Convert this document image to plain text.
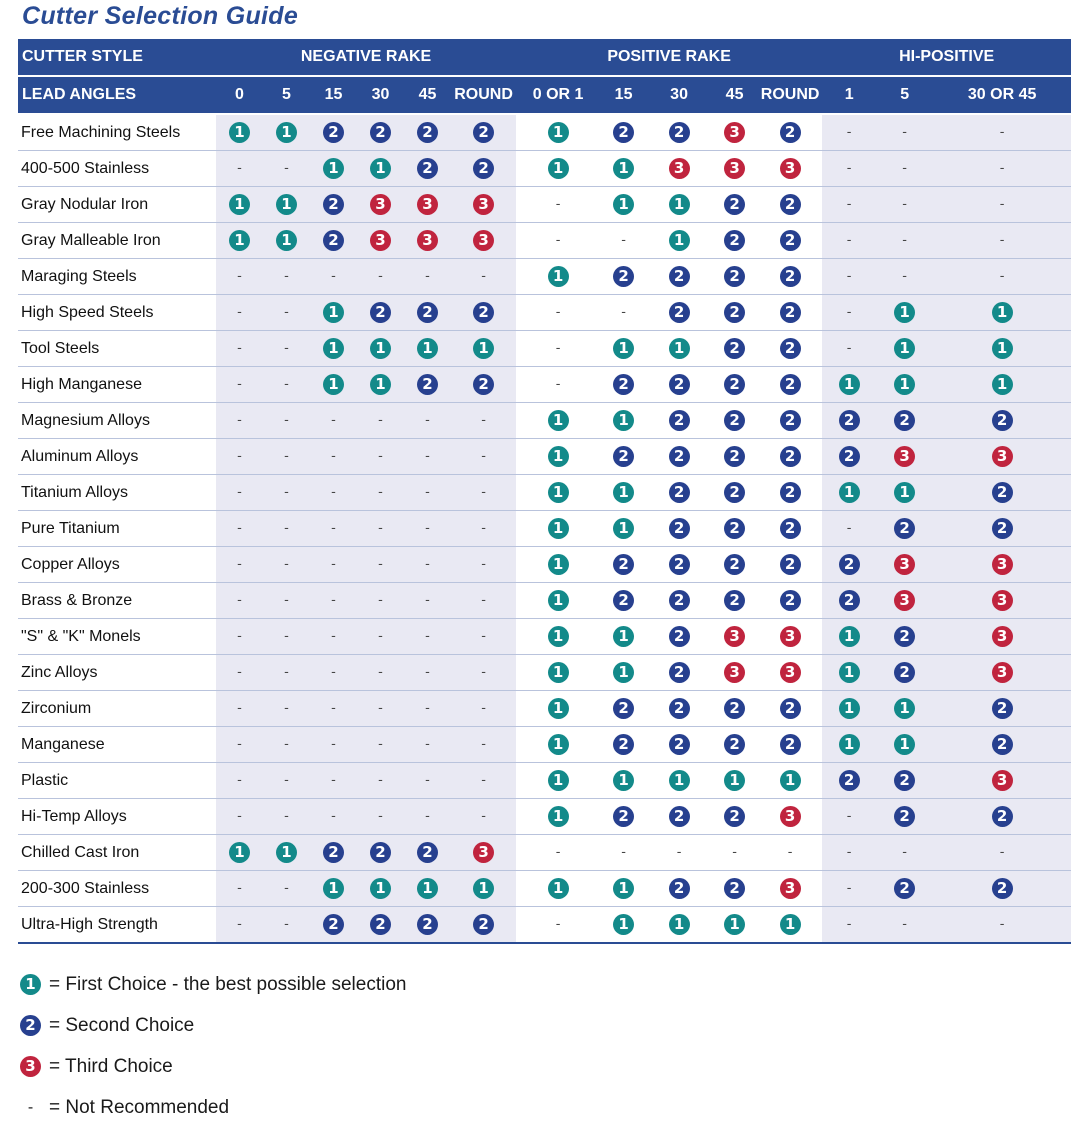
Cutter Selection Guide
CUTTER STYLE	NEGATIVE RAKE						POSITIVE RAKE					HI-POSITIVE		
LEAD ANGLES	0	5	15	30	45	ROUND	0 OR 1	15	30	45	ROUND	1	5	30 OR 45
Free Machining Steels	1	1	2	2	2	2	1	2	2	3	2	-	-	-
400-500 Stainless	-	-	1	1	2	2	1	1	3	3	3	-	-	-
Gray Nodular Iron	1	1	2	3	3	3	-	1	1	2	2	-	-	-
Gray Malleable Iron	1	1	2	3	3	3	-	-	1	2	2	-	-	-
Maraging Steels	-	-	-	-	-	-	1	2	2	2	2	-	-	-
High Speed Steels	-	-	1	2	2	2	-	-	2	2	2	-	1	1
Tool Steels	-	-	1	1	1	1	-	1	1	2	2	-	1	1
High Manganese	-	-	1	1	2	2	-	2	2	2	2	1	1	1
Magnesium Alloys	-	-	-	-	-	-	1	1	2	2	2	2	2	2
Aluminum Alloys	-	-	-	-	-	-	1	2	2	2	2	2	3	3
Titanium Alloys	-	-	-	-	-	-	1	1	2	2	2	1	1	2
Pure Titanium	-	-	-	-	-	-	1	1	2	2	2	-	2	2
Copper Alloys	-	-	-	-	-	-	1	2	2	2	2	2	3	3
Brass & Bronze	-	-	-	-	-	-	1	2	2	2	2	2	3	3
"S" & "K" Monels	-	-	-	-	-	-	1	1	2	3	3	1	2	3
Zinc Alloys	-	-	-	-	-	-	1	1	2	3	3	1	2	3
Zirconium	-	-	-	-	-	-	1	2	2	2	2	1	1	2
Manganese	-	-	-	-	-	-	1	2	2	2	2	1	1	2
Plastic	-	-	-	-	-	-	1	1	1	1	1	2	2	3
Hi-Temp Alloys	-	-	-	-	-	-	1	2	2	2	3	-	2	2
Chilled Cast Iron	1	1	2	2	2	3	-	-	-	-	-	-	-	-
200-300 Stainless	-	-	1	1	1	1	1	1	2	2	3	-	2	2
Ultra-High Strength	-	-	2	2	2	2	-	1	1	1	1	-	-	-
1 = First Choice - the best possible selection
2 = Second Choice
3 = Third Choice
- = Not Recommended
